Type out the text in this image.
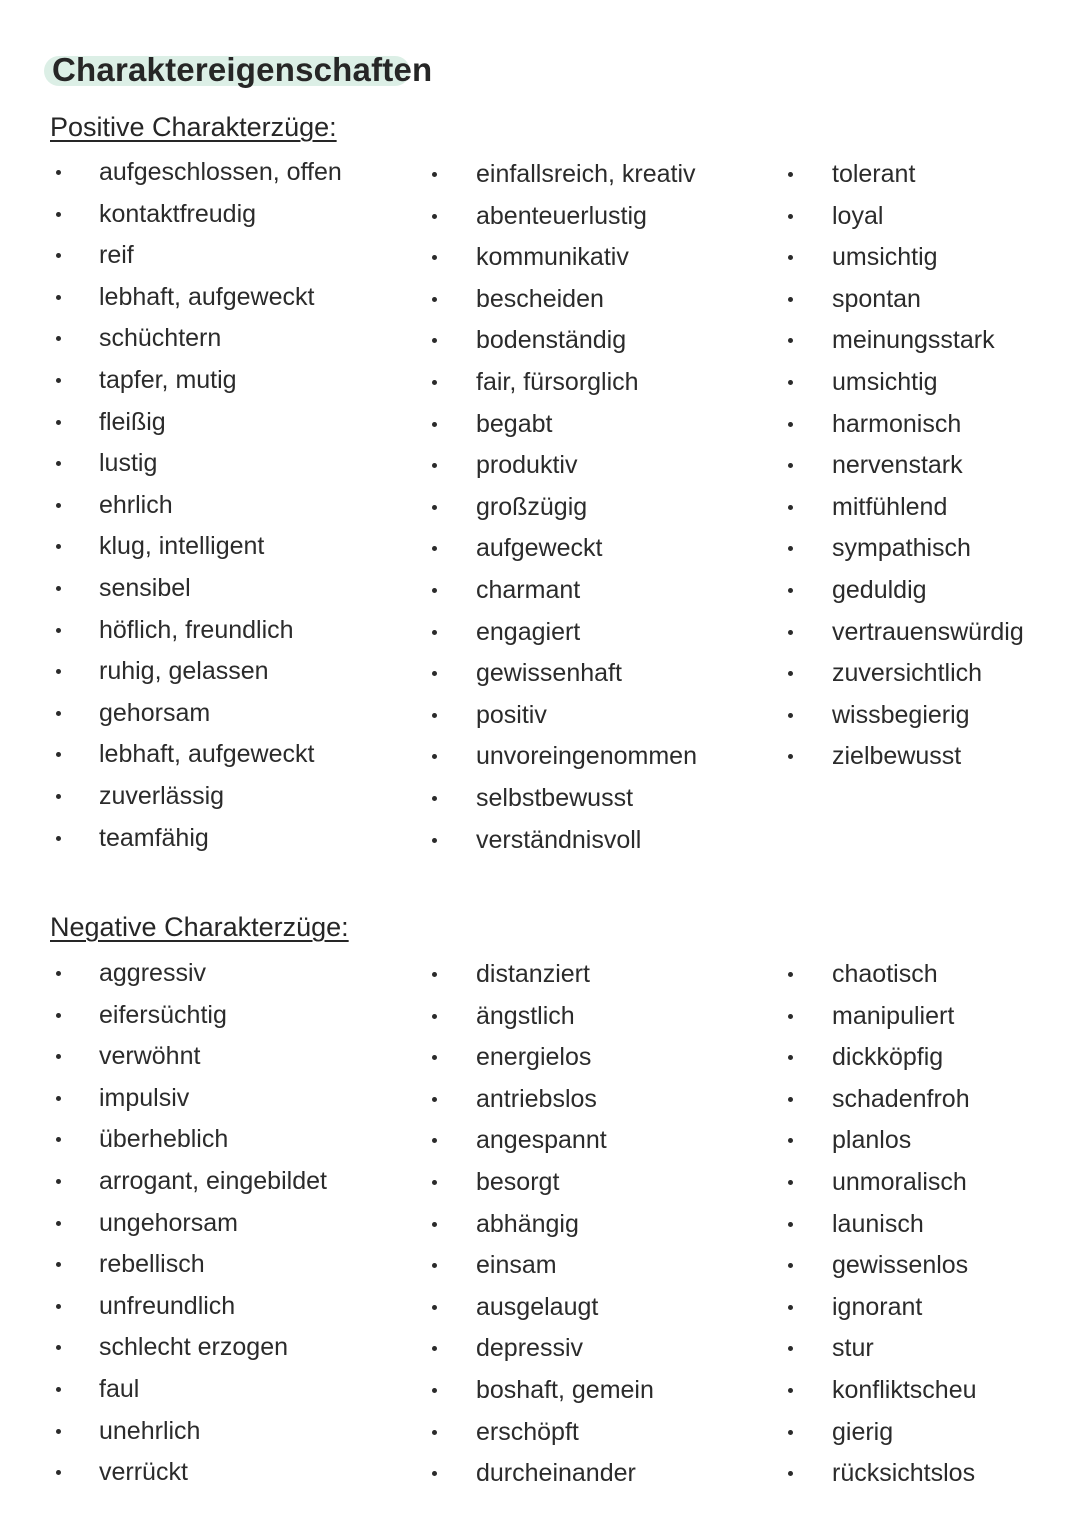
Charaktereigenschaften
Positive Charakterzüge:
aufgeschlossen, offen
kontaktfreudig
reif
lebhaft, aufgeweckt
schüchtern
tapfer, mutig
fleißig
lustig
ehrlich
klug, intelligent
sensibel
höflich, freundlich
ruhig, gelassen
gehorsam
lebhaft, aufgeweckt
zuverlässig
teamfähig
einfallsreich, kreativ
abenteuerlustig
kommunikativ
bescheiden
bodenständig
fair, fürsorglich
begabt
produktiv
großzügig
aufgeweckt
charmant
engagiert
gewissenhaft
positiv
unvoreingenommen
selbstbewusst
verständnisvoll
tolerant
loyal
umsichtig
spontan
meinungsstark
umsichtig
harmonisch
nervenstark
mitfühlend
sympathisch
geduldig
vertrauenswürdig
zuversichtlich
wissbegierig
zielbewusst
Negative Charakterzüge:
aggressiv
eifersüchtig
verwöhnt
impulsiv
überheblich
arrogant, eingebildet
ungehorsam
rebellisch
unfreundlich
schlecht erzogen
faul
unehrlich
verrückt
distanziert
ängstlich
energielos
antriebslos
angespannt
besorgt
abhängig
einsam
ausgelaugt
depressiv
boshaft, gemein
erschöpft
durcheinander
chaotisch
manipuliert
dickköpfig
schadenfroh
planlos
unmoralisch
launisch
gewissenlos
ignorant
stur
konfliktscheu
gierig
rücksichtslos
